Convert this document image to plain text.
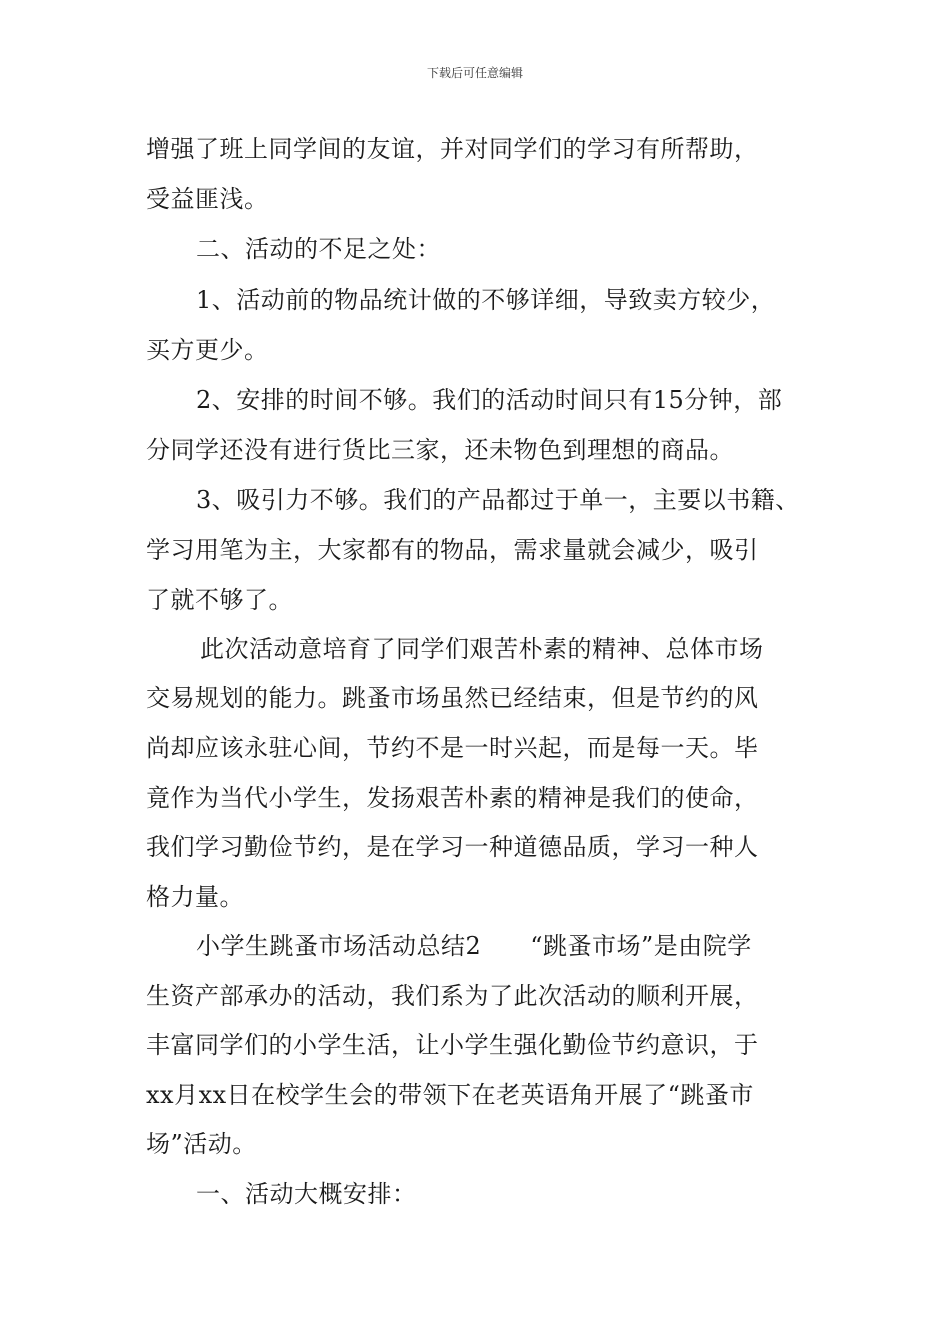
下载后可任意编辑
增强了班上同学间的友谊，并对同学们的学习有所帮助，
受益匪浅。
二、活动的不足之处：
1、活动前的物品统计做的不够详细，导致卖方较少，
买方更少。
2、安排的时间不够。我们的活动时间只有15分钟，部
分同学还没有进行货比三家，还未物色到理想的商品。
3、吸引力不够。我们的产品都过于单一，主要以书籍、
学习用笔为主，大家都有的物品，需求量就会减少，吸引
了就不够了。
此次活动意培育了同学们艰苦朴素的精神、总体市场
交易规划的能力。跳蚤市场虽然已经结束，但是节约的风
尚却应该永驻心间，节约不是一时兴起，而是每一天。毕
竟作为当代小学生，发扬艰苦朴素的精神是我们的使命，
我们学习勤俭节约，是在学习一种道德品质，学习一种人
格力量。
小学生跳蚤市场活动总结2　　“跳蚤市场”是由院学
生资产部承办的活动，我们系为了此次活动的顺利开展，
丰富同学们的小学生活，让小学生强化勤俭节约意识，于
xx月xx日在校学生会的带领下在老英语角开展了“跳蚤市
场”活动。
一、活动大概安排：
